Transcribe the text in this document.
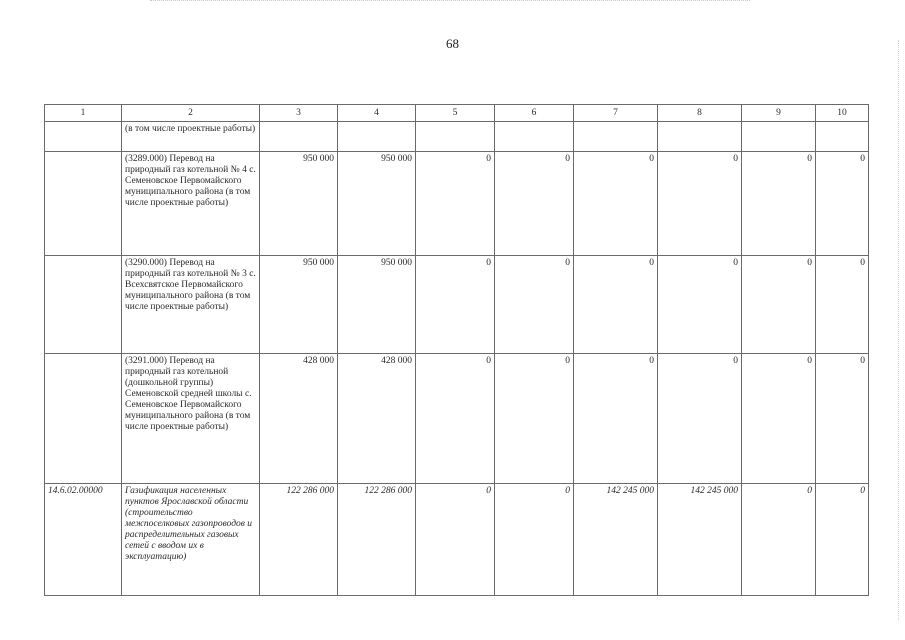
68
1	2	3	4	5	6	7	8	9	10
	(в том числе проектные работы)								
	(3289.000) Перевод на природный газ котельной № 4 с. Семеновское Первомайского муниципального района (в том числе проектные работы)	950 000	950 000	0	0	0	0	0	0
	(3290.000) Перевод на природный газ котельной № 3 с. Всехсвятское Первомайского муниципального района (в том числе проектные работы)	950 000	950 000	0	0	0	0	0	0
	(3291.000) Перевод на природный газ котельной (дошкольной группы) Семеновской средней школы с. Семеновское Первомайского муниципального района (в том числе проектные работы)	428 000	428 000	0	0	0	0	0	0
14.6.02.00000	Газификация населенных пунктов Ярославской области (строительство межпоселковых газопроводов и распределительных газовых сетей с вводом их в эксплуатацию)	122 286 000	122 286 000	0	0	142 245 000	142 245 000	0	0
